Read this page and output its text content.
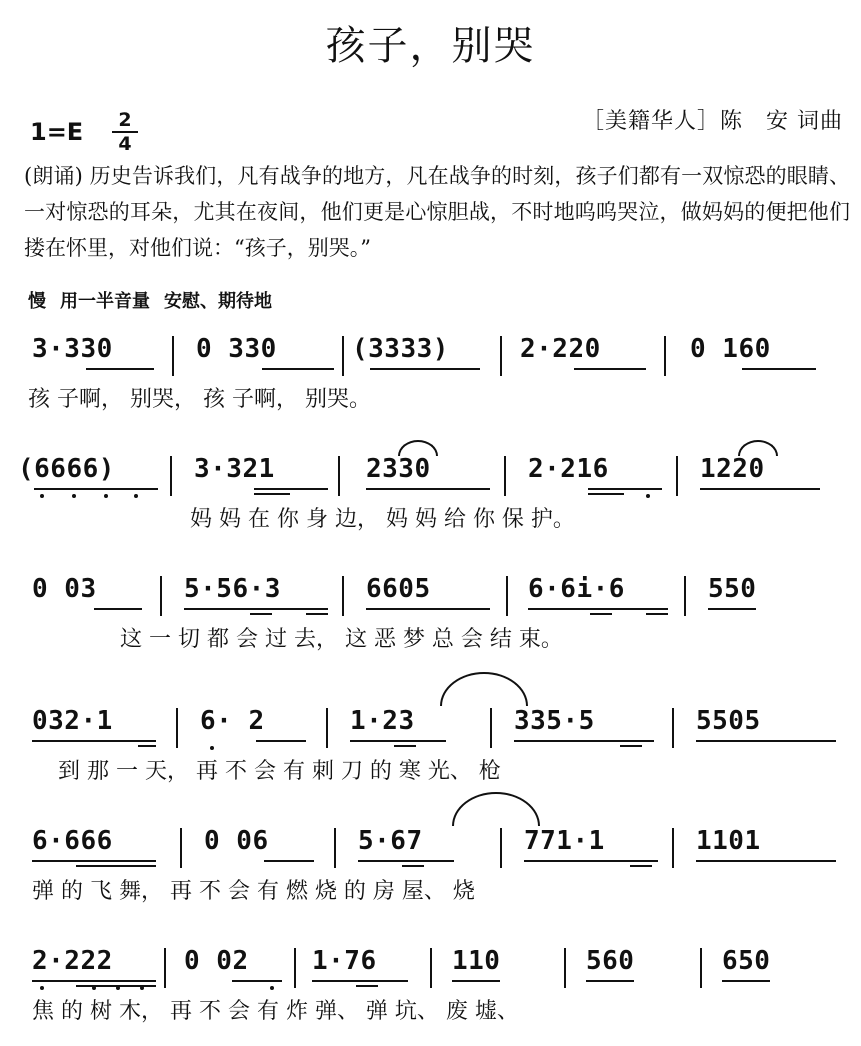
孩子，别哭
［美籍华人］陈　安 词曲
1=E	2
4
(朗诵) 历史告诉我们，凡有战争的地方，凡在战争的时刻，孩子们都有一双惊恐的眼睛、一对惊恐的耳朵，尤其在夜间，他们更是心惊胆战，不时地呜呜哭泣，做妈妈的便把他们搂在怀里，对他们说：“孩子，别哭。”
慢 用一半音量 安慰、期待地
3·330	0 330	(3333)	2·220	0 160
孩 子啊， 别哭， 孩 子啊， 别哭。
(6666)	3·321	2330	2·216	1220
妈 妈 在 你 身 边， 妈 妈 给 你 保 护。
0 03	5·56·3	6605	6·6i·6	550
这 一 切 都 会 过 去， 这 恶 梦 总 会 结 束。
032·1	6· 2	1·23	335·5	5505
到 那 一 天， 再 不 会 有 刺 刀 的 寒 光、 枪
6·666	0 06	5·67	771·1	1101
弹 的 飞 舞， 再 不 会 有 燃 烧 的 房 屋、 烧
2·222	0 02 1·76	110	560	650
焦 的 树 木， 再 不 会 有 炸 弹、 弹 坑、 废 墟、
